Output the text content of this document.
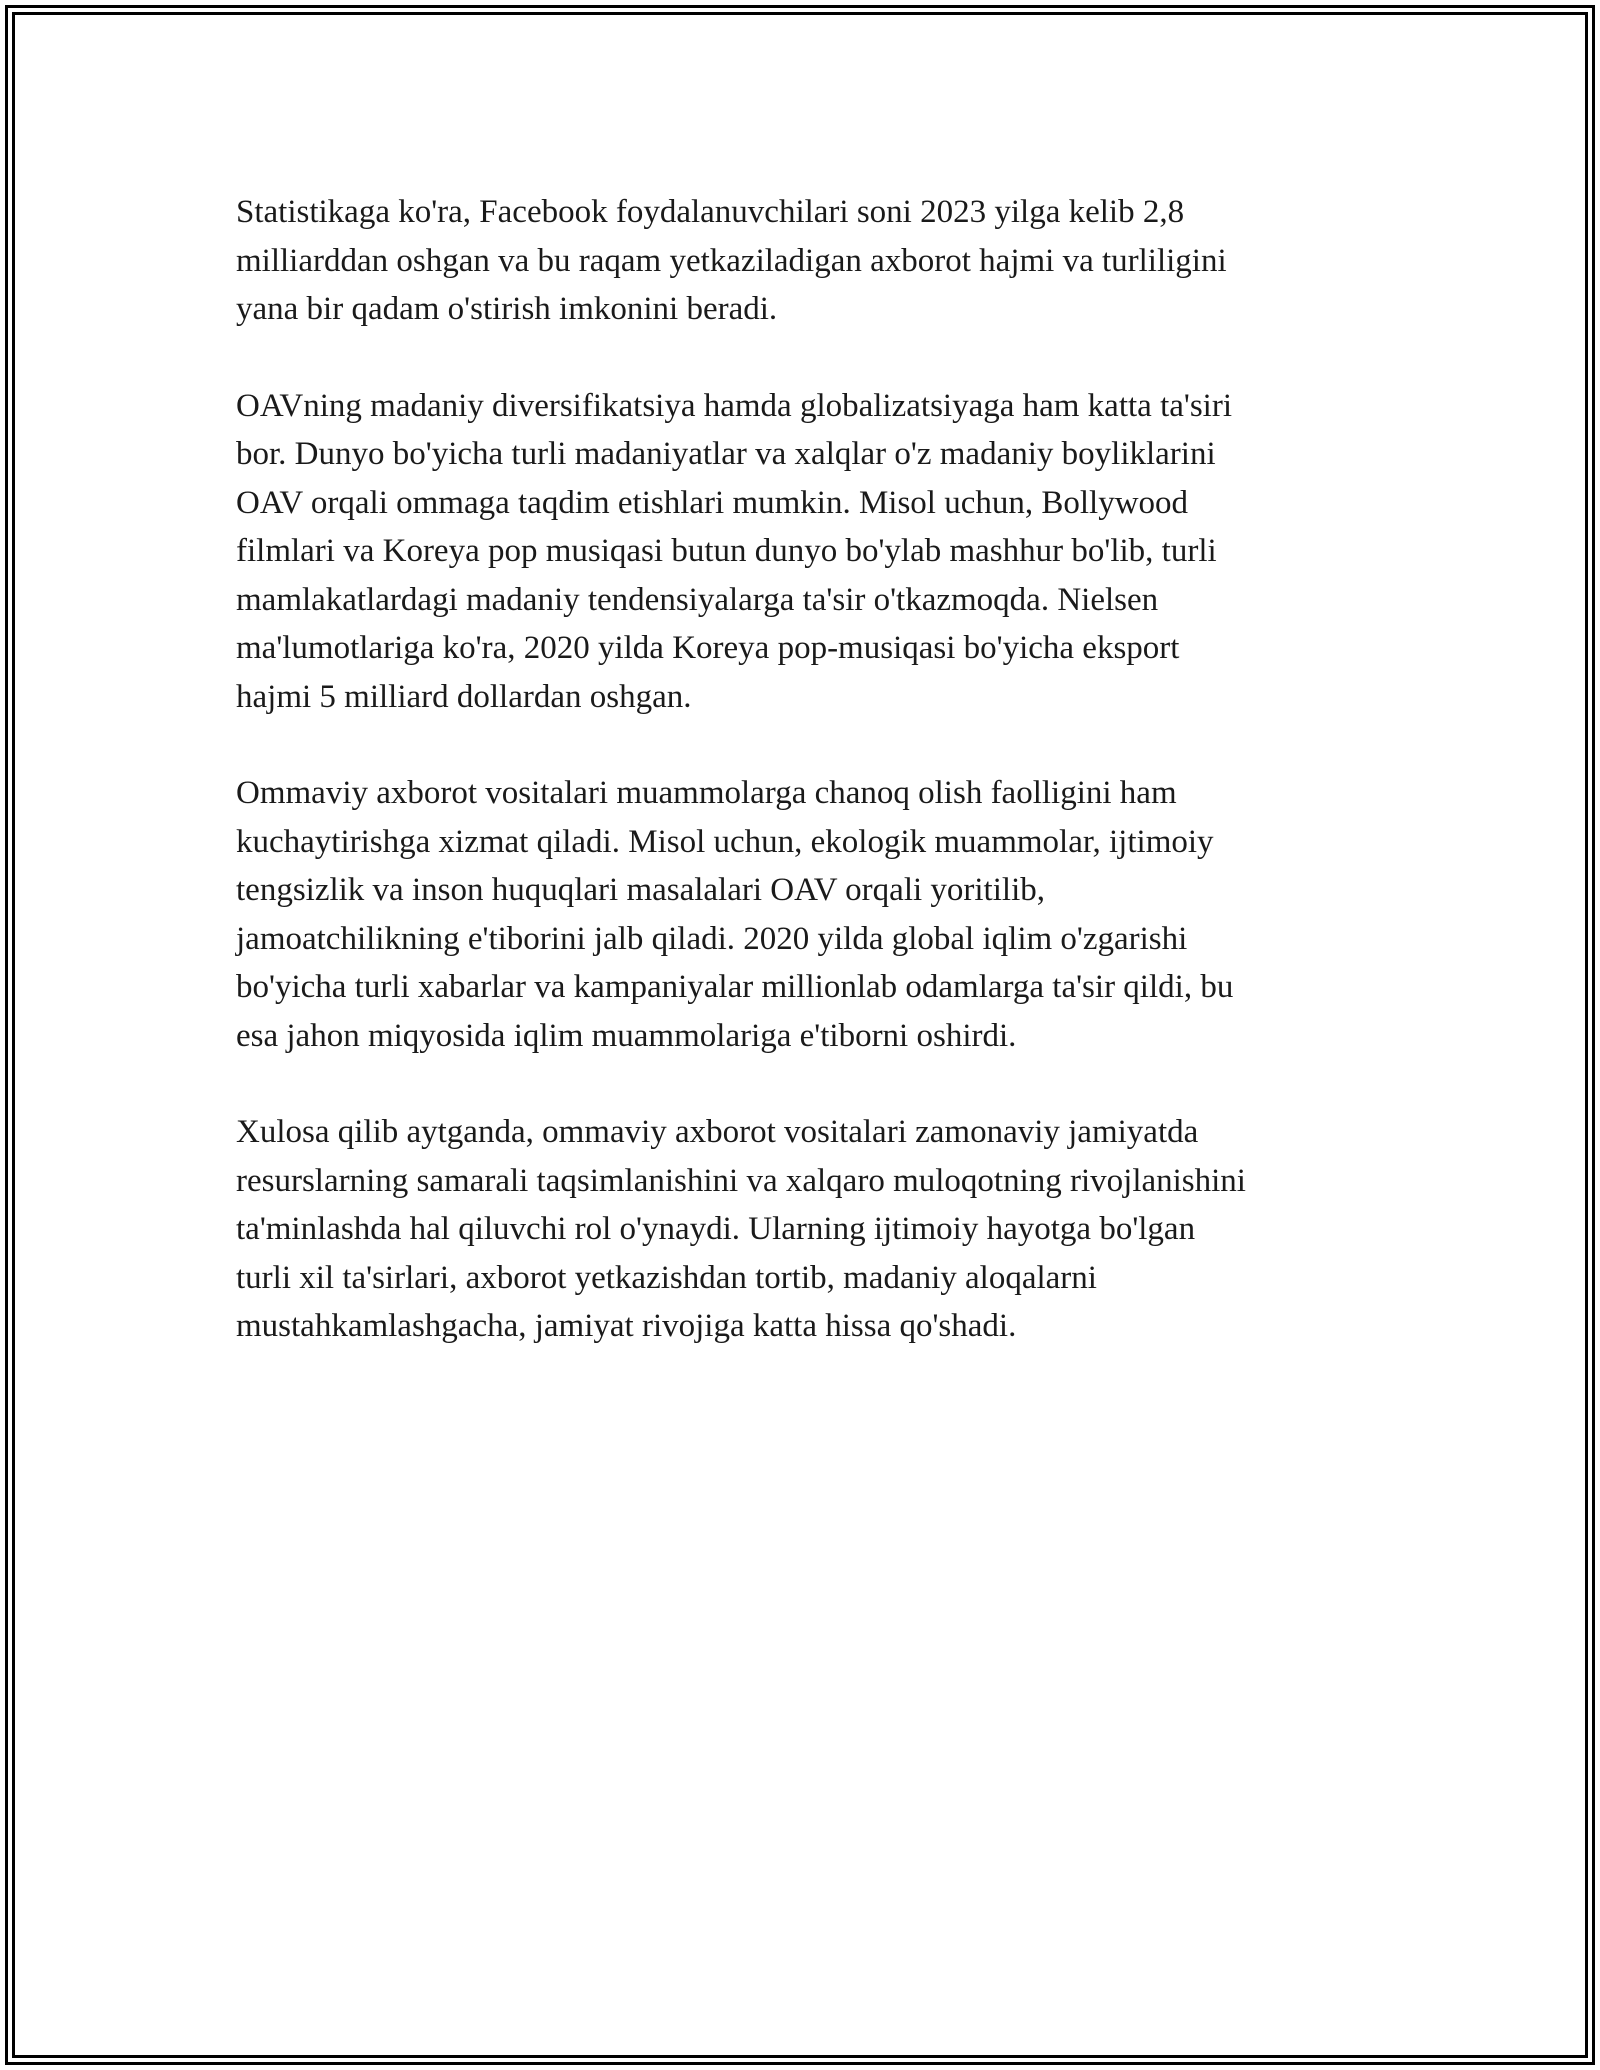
Statistikaga ko'ra, Facebook foydalanuvchilari soni 2023 yilga kelib 2,8
milliarddan oshgan va bu raqam yetkaziladigan axborot hajmi va turliligini
yana bir qadam o'stirish imkonini beradi.

OAVning madaniy diversifikatsiya hamda globalizatsiyaga ham katta ta'siri
bor. Dunyo bo'yicha turli madaniyatlar va xalqlar o'z madaniy boyliklarini
OAV orqali ommaga taqdim etishlari mumkin. Misol uchun, Bollywood
filmlari va Koreya pop musiqasi butun dunyo bo'ylab mashhur bo'lib, turli
mamlakatlardagi madaniy tendensiyalarga ta'sir o'tkazmoqda. Nielsen
ma'lumotlariga ko'ra, 2020 yilda Koreya pop-musiqasi bo'yicha eksport
hajmi 5 milliard dollardan oshgan.

Ommaviy axborot vositalari muammolarga chanoq olish faolligini ham
kuchaytirishga xizmat qiladi. Misol uchun, ekologik muammolar, ijtimoiy
tengsizlik va inson huquqlari masalalari OAV orqali yoritilib,
jamoatchilikning e'tiborini jalb qiladi. 2020 yilda global iqlim o'zgarishi
bo'yicha turli xabarlar va kampaniyalar millionlab odamlarga ta'sir qildi, bu
esa jahon miqyosida iqlim muammolariga e'tiborni oshirdi.

Xulosa qilib aytganda, ommaviy axborot vositalari zamonaviy jamiyatda
resurslarning samarali taqsimlanishini va xalqaro muloqotning rivojlanishini
ta'minlashda hal qiluvchi rol o'ynaydi. Ularning ijtimoiy hayotga bo'lgan
turli xil ta'sirlari, axborot yetkazishdan tortib, madaniy aloqalarni
mustahkamlashgacha, jamiyat rivojiga katta hissa qo'shadi.
